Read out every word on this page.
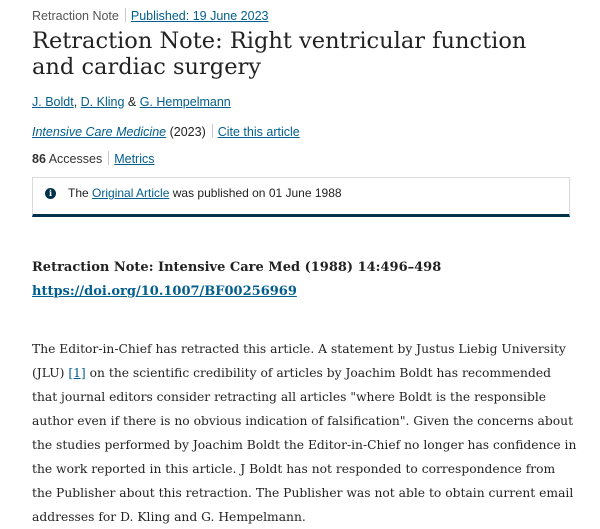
Retraction Note Published: 19 June 2023
Retraction Note: Right ventricular function and cardiac surgery
J. Boldt, D. Kling & G. Hempelmann
Intensive Care Medicine (2023) Cite this article
86 Accesses Metrics
i	The Original Article was published on 01 June 1988
Retraction Note: Intensive Care Med (1988) 14:496–498
https://doi.org/10.1007/BF00256969

The Editor-in-Chief has retracted this article. A statement by Justus Liebig University (JLU) [1] on the scientific credibility of articles by Joachim Boldt has recommended that journal editors consider retracting all articles "where Boldt is the responsible author even if there is no obvious indication of falsification". Given the concerns about the studies performed by Joachim Boldt the Editor-in-Chief no longer has confidence in the work reported in this article. J Boldt has not responded to correspondence from the Publisher about this retraction. The Publisher was not able to obtain current email addresses for D. Kling and G. Hempelmann.
